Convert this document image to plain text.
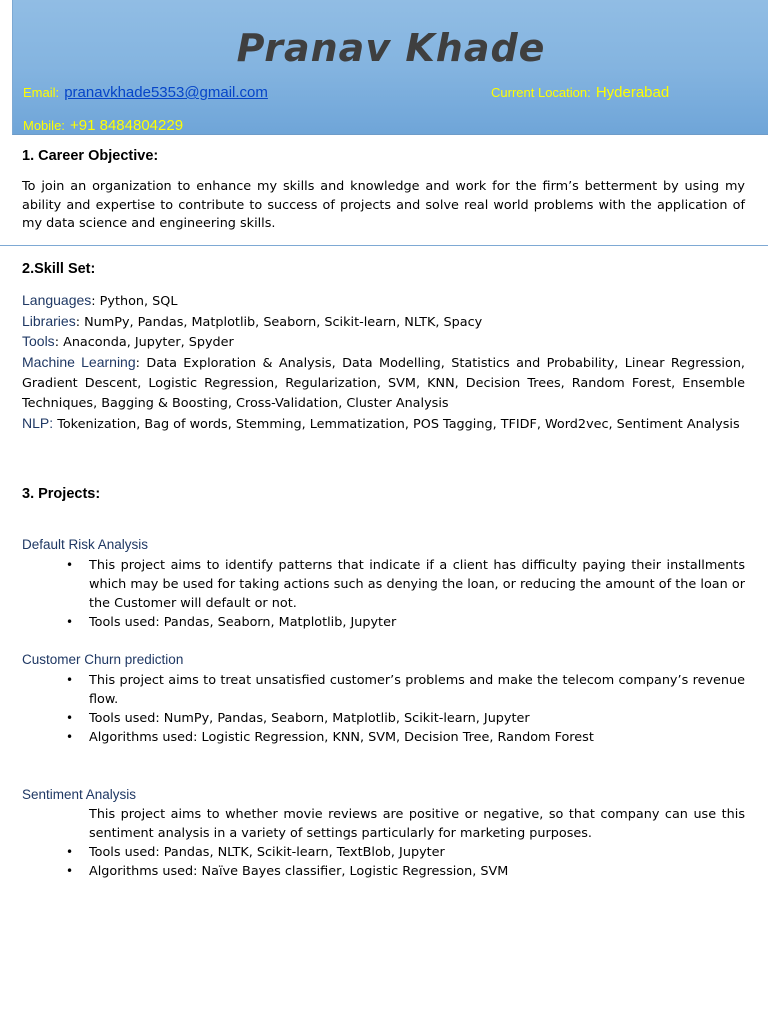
Pranav Khade
Email: pranavkhade5353@gmail.com	Current Location: Hyderabad
Mobile: +91 8484804229
1. Career Objective:
To join an organization to enhance my skills and knowledge and work for the firm’s betterment by using my ability and expertise to contribute to success of projects and solve real world problems with the application of my data science and engineering skills.
2.Skill Set:
Languages: Python, SQL
Libraries: NumPy, Pandas, Matplotlib, Seaborn, Scikit-learn, NLTK, Spacy
Tools: Anaconda, Jupyter, Spyder
Machine Learning: Data Exploration & Analysis, Data Modelling, Statistics and Probability, Linear Regression, Gradient Descent, Logistic Regression, Regularization, SVM, KNN, Decision Trees, Random Forest, Ensemble Techniques, Bagging & Boosting, Cross-Validation, Cluster Analysis
NLP: Tokenization, Bag of words, Stemming, Lemmatization, POS Tagging, TFIDF, Word2vec, Sentiment Analysis
3. Projects:
Default Risk Analysis
• This project aims to identify patterns that indicate if a client has difficulty paying their installments which may be used for taking actions such as denying the loan, or reducing the amount of the loan or the Customer will default or not.
• Tools used: Pandas, Seaborn, Matplotlib, Jupyter
Customer Churn prediction
• This project aims to treat unsatisfied customer’s problems and make the telecom company’s revenue flow.
• Tools used: NumPy, Pandas, Seaborn, Matplotlib, Scikit-learn, Jupyter
• Algorithms used: Logistic Regression, KNN, SVM, Decision Tree, Random Forest
Sentiment Analysis
This project aims to whether movie reviews are positive or negative, so that company can use this sentiment analysis in a variety of settings particularly for marketing purposes.
• Tools used: Pandas, NLTK, Scikit-learn, TextBlob, Jupyter
• Algorithms used: Naïve Bayes classifier, Logistic Regression, SVM
